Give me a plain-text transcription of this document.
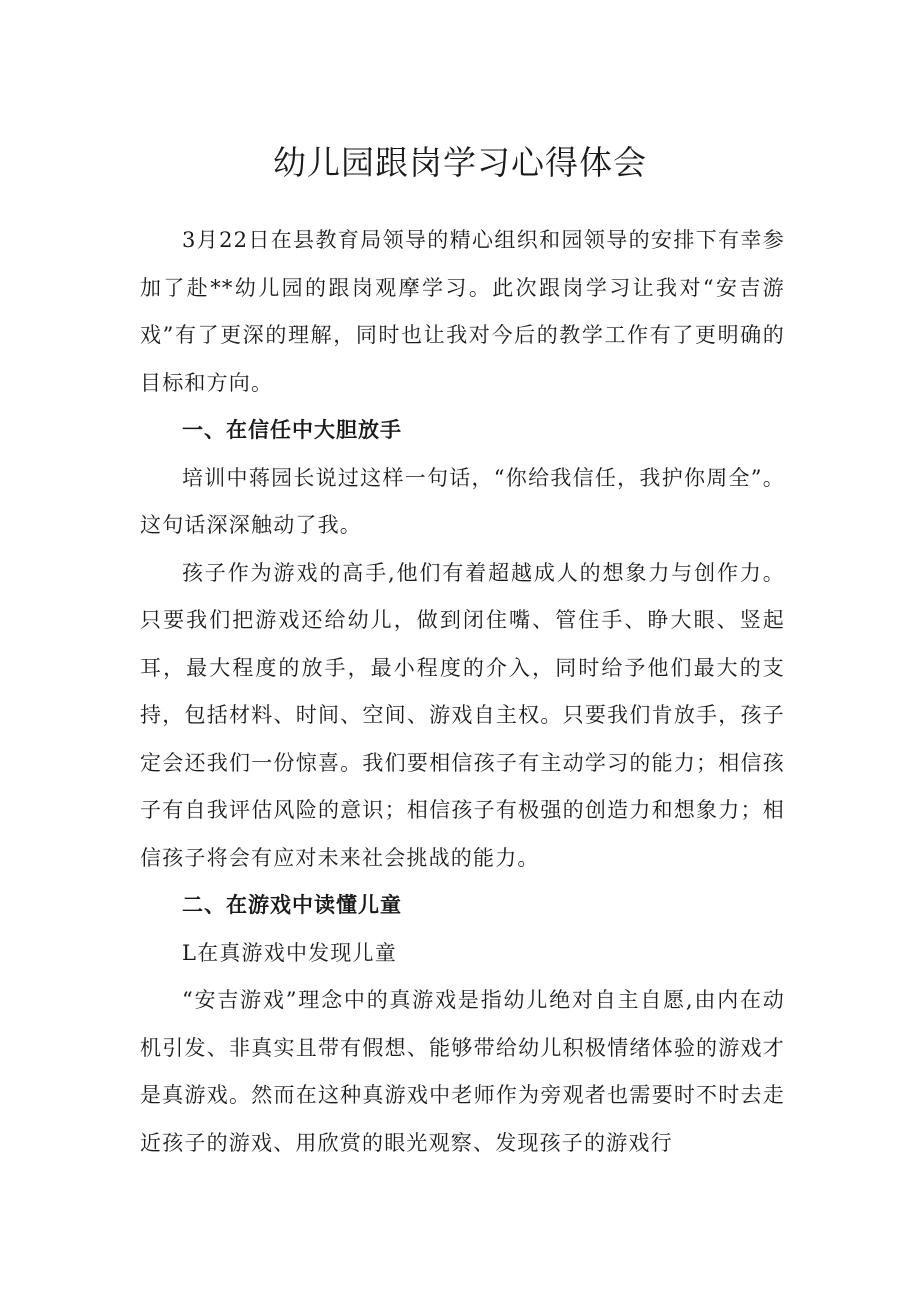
幼儿园跟岗学习心得体会

3月22日在县教育局领导的精心组织和园领导的安排下有幸参加了赴**幼儿园的跟岗观摩学习。此次跟岗学习让我对“安吉游戏”有了更深的理解，同时也让我对今后的教学工作有了更明确的目标和方向。

一、在信任中大胆放手

培训中蒋园长说过这样一句话，“你给我信任，我护你周全”。这句话深深触动了我。

孩子作为游戏的高手,他们有着超越成人的想象力与创作力。只要我们把游戏还给幼儿，做到闭住嘴、管住手、睁大眼、竖起耳，最大程度的放手，最小程度的介入，同时给予他们最大的支持，包括材料、时间、空间、游戏自主权。只要我们肯放手，孩子定会还我们一份惊喜。我们要相信孩子有主动学习的能力；相信孩子有自我评估风险的意识；相信孩子有极强的创造力和想象力；相信孩子将会有应对未来社会挑战的能力。

二、在游戏中读懂儿童

L在真游戏中发现儿童

“安吉游戏”理念中的真游戏是指幼儿绝对自主自愿,由内在动机引发、非真实且带有假想、能够带给幼儿积极情绪体验的游戏才是真游戏。然而在这种真游戏中老师作为旁观者也需要时不时去走近孩子的游戏、用欣赏的眼光观察、发现孩子的游戏行
